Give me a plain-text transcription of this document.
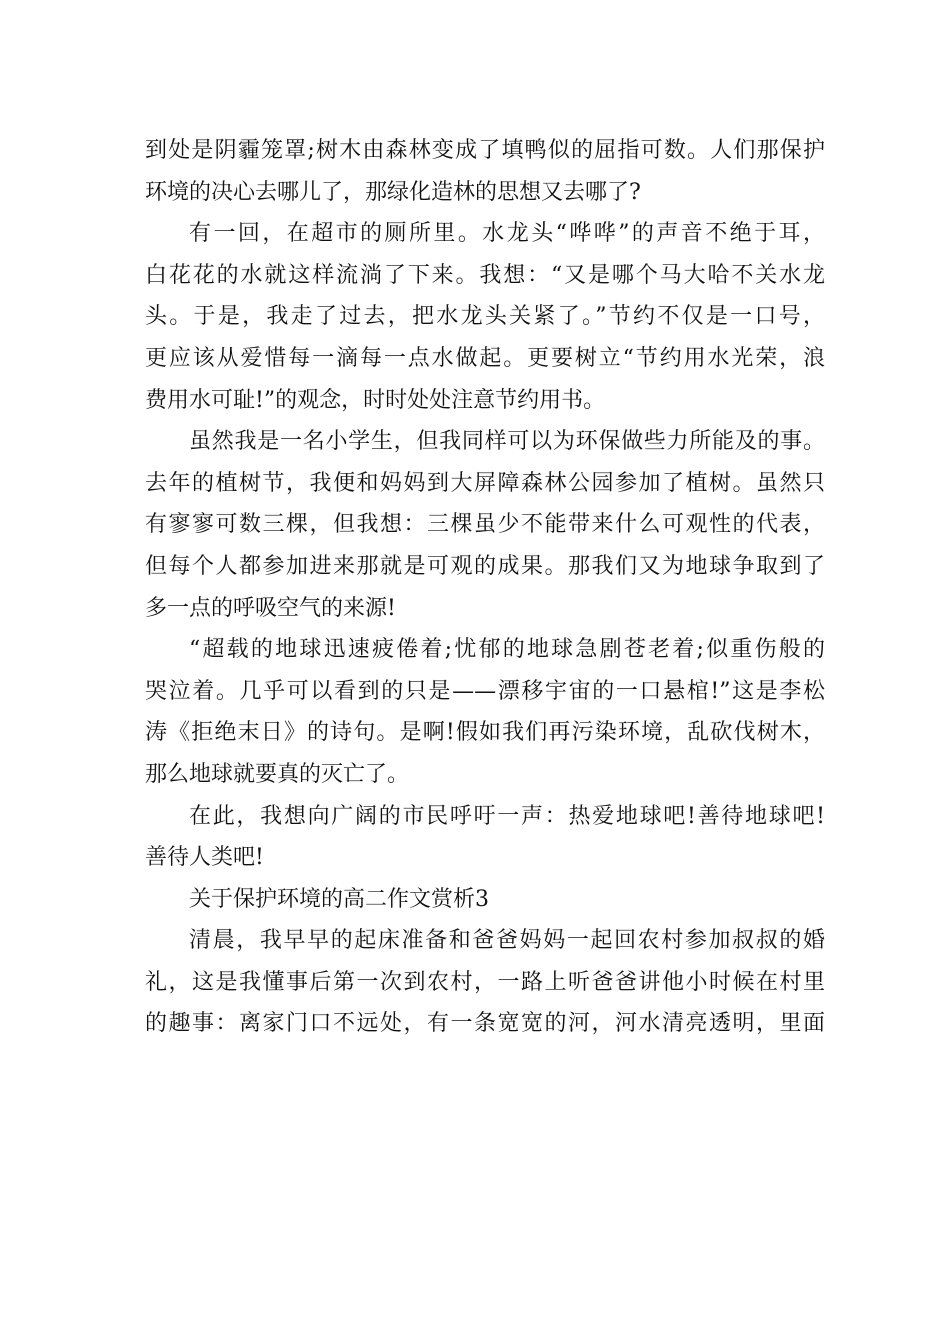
到处是阴霾笼罩;树木由森林变成了填鸭似的屈指可数。人们那保护

环境的决心去哪儿了，那绿化造林的思想又去哪了?

有一回，在超市的厕所里。水龙头“哗哗”的声音不绝于耳，

白花花的水就这样流淌了下来。我想：“又是哪个马大哈不关水龙

头。于是，我走了过去，把水龙头关紧了。”节约不仅是一口号，

更应该从爱惜每一滴每一点水做起。更要树立“节约用水光荣，浪

费用水可耻!”的观念，时时处处注意节约用书。

虽然我是一名小学生，但我同样可以为环保做些力所能及的事。

去年的植树节，我便和妈妈到大屏障森林公园参加了植树。虽然只

有寥寥可数三棵，但我想：三棵虽少不能带来什么可观性的代表，

但每个人都参加进来那就是可观的成果。那我们又为地球争取到了

多一点的呼吸空气的来源!

“超载的地球迅速疲倦着;忧郁的地球急剧苍老着;似重伤般的

哭泣着。几乎可以看到的只是——漂移宇宙的一口悬棺!”这是李松

涛《拒绝末日》的诗句。是啊!假如我们再污染环境，乱砍伐树木，

那么地球就要真的灭亡了。

在此，我想向广阔的市民呼吁一声：热爱地球吧!善待地球吧!

善待人类吧!

关于保护环境的高二作文赏析3

清晨，我早早的起床准备和爸爸妈妈一起回农村参加叔叔的婚

礼，这是我懂事后第一次到农村，一路上听爸爸讲他小时候在村里

的趣事：离家门口不远处，有一条宽宽的河，河水清亮透明，里面
